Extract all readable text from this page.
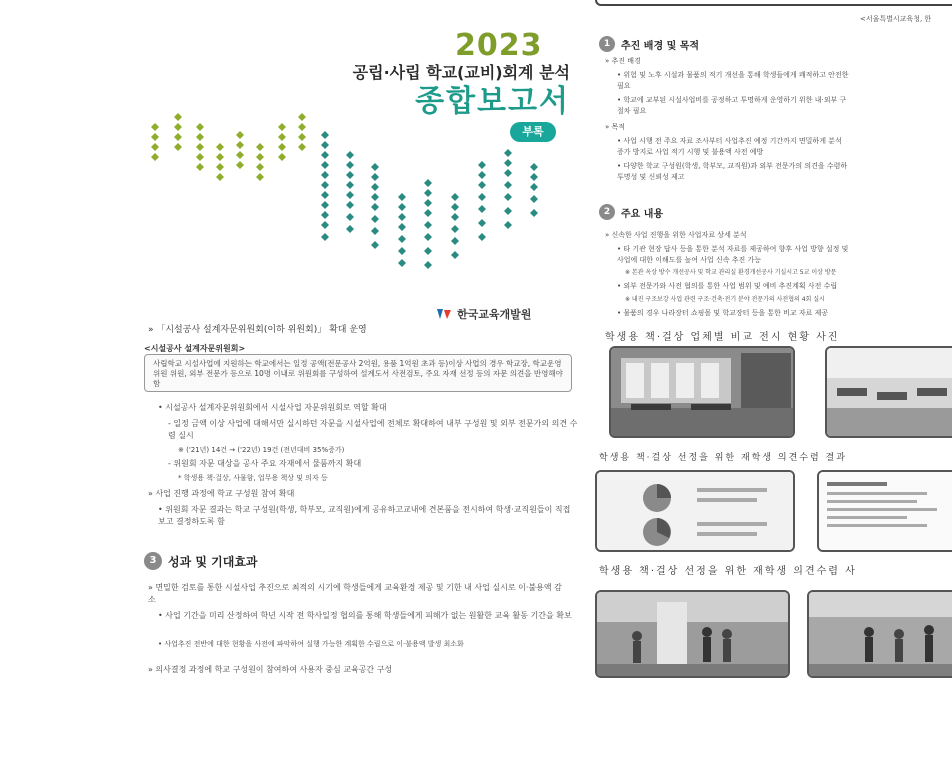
2023
공립·사립 학교(교비)회계 분석
종합보고서
부록
한국교육개발원
» 「시설공사 설계자문위원회(이하 위원회)」 확대 운영
<시설공사 설계자문위원회>
사립학교 시설사업에 지원하는 학교에서는 일정 공액(전문공사 2억원, 용품 1억원 초과 등)이상 사업의 경우 학교장, 학교운영위원 위원, 외부 전문가 등으로 10명 이내로 위원회를 구성하여 설계도서 사전검토, 주요 자재 선정 등의 자문 의견을 반영해야 함
• 시설공사 설계자문위원회에서 시설사업 자문위원회로 역할 확대
- 일정 금액 이상 사업에 대해서만 실시하던 자문을 시설사업에 전체로 확대하여 내부 구성원 및 외부 전문가의 의견 수렴 실시
※ ('21년) 14건 → ('22년) 19건 (전년대비 35%증가)
- 위원회 자문 대상을 공사 주요 자재에서 물품까지 확대
* 학생용 책·걸상, 사물함, 업무용 책상 및 의자 등
» 사업 진행 과정에 학교 구성원 참여 확대
• 위원회 자문 결과는 학교 구성원(학생, 학부모, 교직원)에게 공유하고교내에 견본품을 전시하여 학생·교직원들이 직접 보고 결정하도록 함
3 성과 및 기대효과
» 면밀한 검토를 통한 시설사업 추진으로 최적의 시기에 학생들에게 교육환경 제공 및 기한 내 사업 실시로 이·불용액 감소
• 사업 기간을 미리 산정하여 학년 시작 전 학사일정 협의를 통해 학생들에게 피해가 없는 원활한 교육 활동 기간을 확보
• 사업추진 전반에 대한 현황을 사전에 파악하여 실행 가능한 계획한 수립으로 이·불용액 발생 최소화
» 의사결정 과정에 학교 구성원이 참여하여 사용자 중심 교육공간 구성
<서울특별시교육청, 한
1	추진 배경 및 목적
» 추진 배경
• 위험 및 노후 시설과 물품의 적기 개선을 통해 학생들에게 쾌적하고 안전한
필요
• 학교에 교부된 시설사업비를 공정하고 투명하게 운영하기 위한 내·외부 구
절차 필요
» 목적
• 사업 시행 전 주요 자료 조사부터 사업추진 예정 기간까지 면밀하게 분석
증가 방지로 사업 적기 시행 및 불용액 사전 예방
• 다양한 학교 구성원(학생, 학부모, 교직원)과 외부 전문가의 의견을 수렴하
투명성 및 신뢰성 제고
2	주요 내용
» 신속한 사업 진행을 위한 사업자료 상세 분석
• 타 기관 현장 답사 등을 통한 분석 자료를 제공하여 향후 사업 방향 설정 및
사업에 대한 이해도를 높여 사업 신속 추진 가능
※ 본관 옥상 방수 개선공사 및 학교 관리실 환경개선공사 기실시고 5교 이상 방문
• 외부 전문가와 사전 협의를 통한 사업 범위 및 예비 추진계획 사전 수립
※ 내진 구조보강 사업 관련 구조·건축·전기 분야 전문가의 사전협의 4회 실시
• 물품의 경우 나라장터 쇼핑몰 및 학교장터 등을 통한 비교 자료 제공
학생용 책·걸상 업체별 비교 전시 현황 사진
학생용 책·걸상 선정을 위한 재학생 의견수렴 결과
학생용 책·걸상 선정을 위한 재학생 의견수렴 사
